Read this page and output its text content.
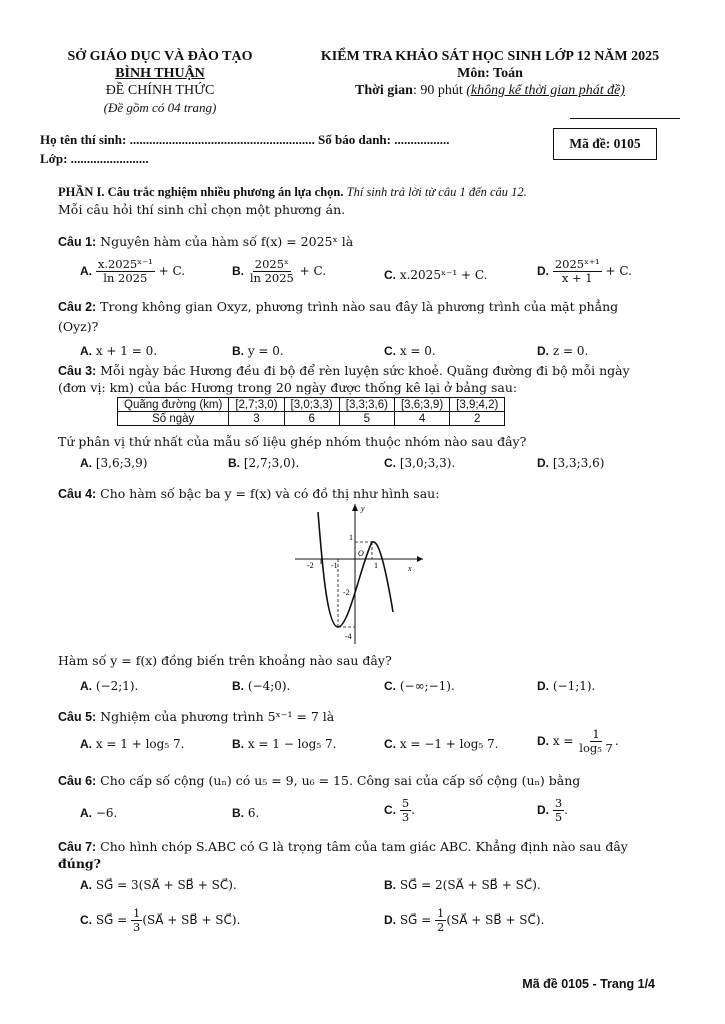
SỞ GIÁO DỤC VÀ ĐÀO TẠO
BÌNH THUẬN
ĐỀ CHÍNH THỨC
(Đề gồm có 04 trang)
KIỂM TRA KHẢO SÁT HỌC SINH LỚP 12 NĂM 2025
Môn: Toán
Thời gian: 90 phút (không kể thời gian phát đề)
Họ tên thí sinh: ......................................................... Số báo danh: .................
Lớp: ........................
Mã đề: 0105
PHẦN I. Câu trắc nghiệm nhiều phương án lựa chọn. Thí sinh trả lời từ câu 1 đến câu 12.
Mỗi câu hỏi thí sinh chỉ chọn một phương án.
Câu 1: Nguyên hàm của hàm số f(x) = 2025ˣ là
A. $\frac{\text{x.2025ˣ⁻¹}}{\ln 2025} + C$.	B. $\frac{\text{2025ˣ}}{\ln 2025} + C$.	C. x.2025ˣ⁻¹ + C.	D. $\frac{\text{2025ˣ⁺¹}}{x + 1} + C$.
Câu 2: Trong không gian Oxyz, phương trình nào sau đây là phương trình của mặt phẳng
(Oyz)?
A. x + 1 = 0.	B. y = 0.	C. x = 0.	D. z = 0.
Câu 3: Mỗi ngày bác Hương đều đi bộ để rèn luyện sức khoẻ. Quãng đường đi bộ mỗi ngày
(đơn vị: km) của bác Hương trong 20 ngày được thống kê lại ở bảng sau:
Quãng đường (km)	[2,7;3,0)	[3,0;3,3)	[3,3;3,6)	[3,6;3,9)	[3,9;4,2)
Số ngày	3	6	5	4	2
Tứ phân vị thứ nhất của mẫu số liệu ghép nhóm thuộc nhóm nào sau đây?
A. [3,6;3,9)	B. [2,7;3,0).	C. [3,0;3,3).	D. [3,3;3,6)
Câu 4: Cho hàm số bậc ba y = f(x) và có đồ thị như hình sau:
y
x
O
1
-2
-4
-2 -1	1
Hàm số y = f(x) đồng biến trên khoảng nào sau đây?
A. (−2;1).	B. (−4;0).	C. (−∞;−1).	D. (−1;1).
Câu 5: Nghiệm của phương trình 5ˣ⁻¹ = 7 là
A. x = 1 + log₅ 7.	B. x = 1 − log₅ 7.	C. x = −1 + log₅ 7.	D. $x = \frac{1}{\text{log₅ 7}}$ .
Câu 6: Cho cấp số cộng (uₙ) có u₅ = 9, u₆ = 15. Công sai của cấp số cộng (uₙ) bằng
A. −6.	B. 6.	C. $\frac{5}{3}$ .	D. $\frac{3}{5}$ .
Câu 7: Cho hình chóp S.ABC có G là trọng tâm của tam giác ABC. Khẳng định nào sau đây
đúng?
A. SG⃗ = 3(SA⃗ + SB⃗ + SC⃗).	B. SG⃗ = 2(SA⃗ + SB⃗ + SC⃗).
C. SG⃗ = $\frac{1}{3}$ (SA⃗ + SB⃗ + SC⃗).	D. SG⃗ = $\frac{1}{2}$ (SA⃗ + SB⃗ + SC⃗).
Mã đề 0105 - Trang 1/4
